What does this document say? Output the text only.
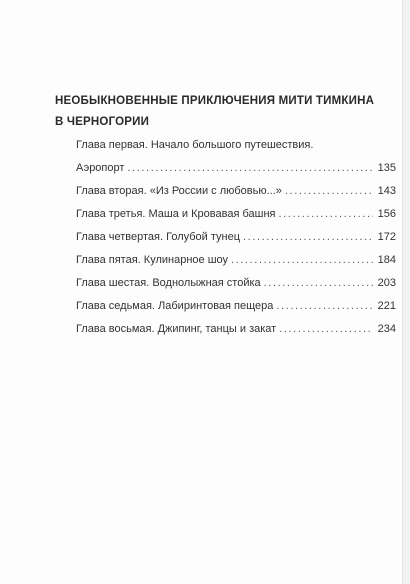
НЕОБЫКНОВЕННЫЕ ПРИКЛЮЧЕНИЯ МИТИ ТИМКИНА
В ЧЕРНОГОРИИ
Глава первая. Начало большого путешествия.
Аэропорт .....	135
Глава вторая. «Из России с любовью...» .....	143
Глава третья. Маша и Кровавая башня .....	156
Глава четвертая. Голубой тунец .....	172
Глава пятая. Кулинарное шоу .....	184
Глава шестая. Воднолыжная стойка .....	203
Глава седьмая. Лабиринтовая пещера .....	221
Глава восьмая. Джипинг, танцы и закат .....	234
